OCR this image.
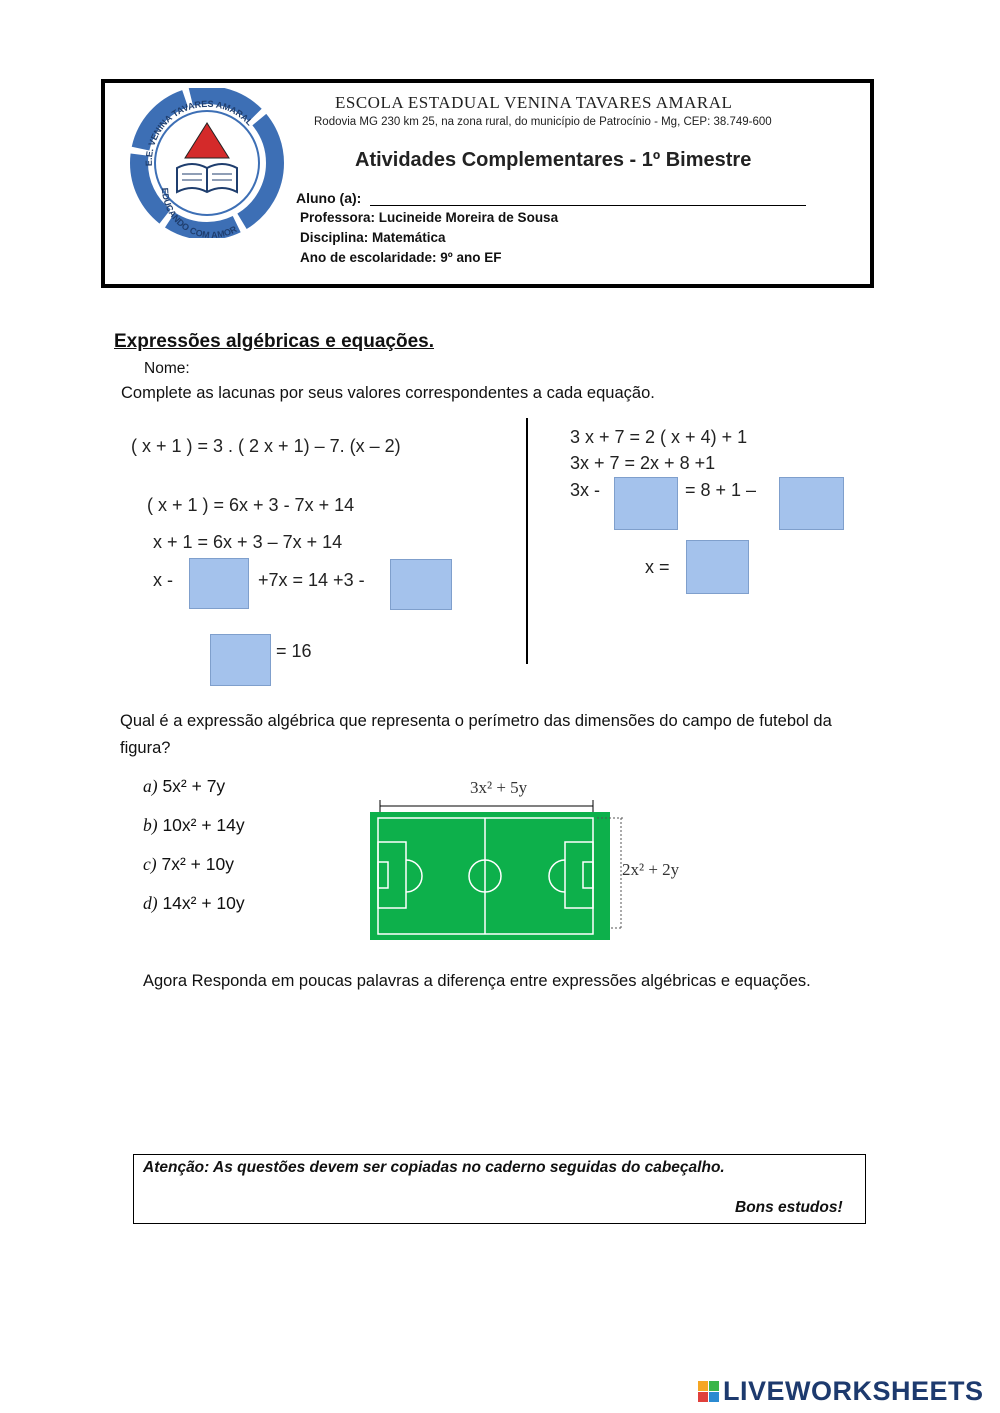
E.E. VENINA TAVARES AMARAL
EDUCANDO COM AMOR
ESCOLA ESTADUAL VENINA TAVARES AMARAL
Rodovia MG 230 km 25, na zona rural, do município de Patrocínio - Mg, CEP: 38.749-600
Atividades Complementares - 1º Bimestre
Aluno (a):
Professora: Lucineide Moreira de Sousa
Disciplina: Matemática
Ano de escolaridade: 9º ano EF
Expressões algébricas e equações.
Nome:
Complete as lacunas por seus valores correspondentes a cada equação.
( x + 1 ) = 3 . ( 2 x + 1) – 7. (x – 2)
( x + 1 ) = 6x + 3 - 7x + 14
x + 1 = 6x + 3 – 7x + 14
x -	+7x = 14 +3 -
= 16
3 x + 7 = 2 ( x + 4) + 1
3x + 7 = 2x + 8 +1
3x -	= 8 + 1 –
x =
Qual é a expressão algébrica que representa o perímetro das dimensões do campo de futebol da figura?
a) 5x² + 7y
b) 10x² + 14y
c) 7x² + 10y
d) 14x² + 10y
3x² + 5y
2x² + 2y
Agora Responda em poucas palavras a diferença entre expressões algébricas e equações.
Atenção: As questões devem ser copiadas no caderno seguidas do cabeçalho.
Bons estudos!
LIVEWORKSHEETS
